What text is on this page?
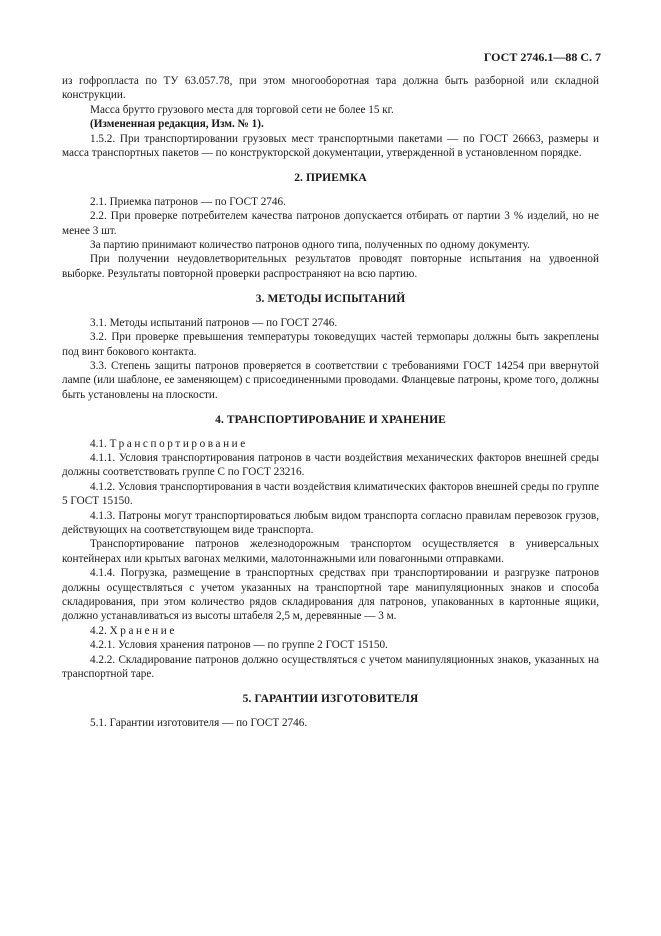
ГОСТ 2746.1—88 С. 7

из гофропласта по ТУ 63.057.78, при этом многооборотная тара должна быть разборной или складной конструкции.

Масса брутто грузового места для торговой сети не более 15 кг.

(Измененная редакция, Изм. № 1).

1.5.2. При транспортировании грузовых мест транспортными пакетами — по ГОСТ 26663, размеры и масса транспортных пакетов — по конструкторской документации, утвержденной в установленном порядке.

2. ПРИЕМКА

2.1. Приемка патронов — по ГОСТ 2746.

2.2. При проверке потребителем качества патронов допускается отбирать от партии 3 % изделий, но не менее 3 шт.

За партию принимают количество патронов одного типа, полученных по одному документу.

При получении неудовлетворительных результатов проводят повторные испытания на удвоенной выборке. Результаты повторной проверки распространяют на всю партию.

3. МЕТОДЫ ИСПЫТАНИЙ

3.1. Методы испытаний патронов — по ГОСТ 2746.

3.2. При проверке превышения температуры токоведущих частей термопары должны быть закреплены под винт бокового контакта.

3.3. Степень защиты патронов проверяется в соответствии с требованиями ГОСТ 14254 при ввернутой лампе (или шаблоне, ее заменяющем) с присоединенными проводами. Фланцевые патроны, кроме того, должны быть установлены на плоскости.

4. ТРАНСПОРТИРОВАНИЕ И ХРАНЕНИЕ

4.1. Транспортирование

4.1.1. Условия транспортирования патронов в части воздействия механических факторов внешней среды должны соответствовать группе С по ГОСТ 23216.

4.1.2. Условия транспортирования в части воздействия климатических факторов внешней среды по группе 5 ГОСТ 15150.

4.1.3. Патроны могут транспортироваться любым видом транспорта согласно правилам перевозок грузов, действующих на соответствующем виде транспорта.

Транспортирование патронов железнодорожным транспортом осуществляется в универсальных контейнерах или крытых вагонах мелкими, малотоннажными или повагонными отправками.

4.1.4. Погрузка, размещение в транспортных средствах при транспортировании и разгрузке патронов должны осуществляться с учетом указанных на транспортной таре манипуляционных знаков и способа складирования, при этом количество рядов складирования для патронов, упакованных в картонные ящики, должно устанавливаться из высоты штабеля 2,5 м, деревянные — 3 м.

4.2. Хранение

4.2.1. Условия хранения патронов — по группе 2 ГОСТ 15150.

4.2.2. Складирование патронов должно осуществляться с учетом манипуляционных знаков, указанных на транспортной таре.

5. ГАРАНТИИ ИЗГОТОВИТЕЛЯ

5.1. Гарантии изготовителя — по ГОСТ 2746.
